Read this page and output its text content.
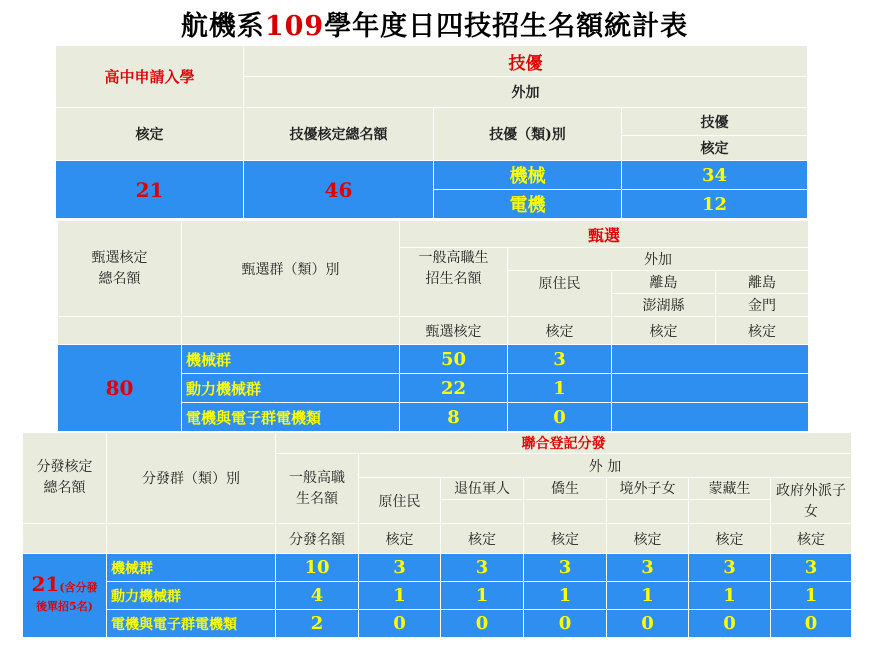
航機系109學年度日四技招生名額統計表
高中申請入學	技優		
	外加		
核定	技優核定總名額	技優（類)別	技優
			核定
21	46	機械	34
		電機	12
甄選核定總名額	甄選群（類）別	甄選			
		一般高職生招生名額	外加		
			原住民	離島	離島
				澎湖縣	金門
		甄選核定	核定	核定	核定
80	機械群	50	3		
	動力機械群	22	1		
	電機與電子群電機類	8	0		
分發核定總名額	分發群（類）別	聯合登記分發						
		一般高職生名額	外 加					
			原住民	退伍軍人	僑生	境外子女	蒙藏生	政府外派子女

		分發名額	核定	核定	核定	核定	核定	核定
21(含分發後單招5名)	機械群	10	3	3	3	3	3	3
	動力機械群	4	1	1	1	1	1	1
	電機與電子群電機類	2	0	0	0	0	0	0
